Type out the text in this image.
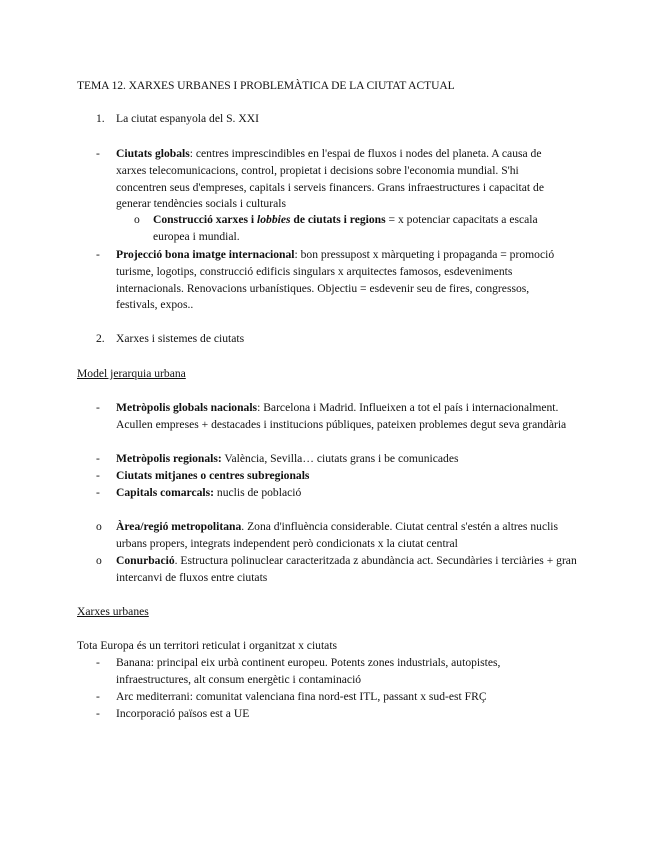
TEMA 12. XARXES URBANES I PROBLEMÀTICA DE LA CIUTAT ACTUAL
1. La ciutat espanyola del S. XXI
-	Ciutats globals: centres imprescindibles en l'espai de fluxos i nodes del planeta. A causa de xarxes telecomunicacions, control, propietat i decisions sobre l'economia mundial. S'hi concentren seus d'empreses, capitals i serveis financers. Grans infraestructures i capacitat de generar tendències socials i culturals
o	Construcció xarxes i lobbies de ciutats i regions = x potenciar capacitats a escala europea i mundial.
-	Projecció bona imatge internacional: bon pressupost x màrqueting i propaganda = promoció turisme, logotips, construcció edificis singulars x arquitectes famosos, esdeveniments internacionals. Renovacions urbanístiques. Objectiu = esdevenir seu de fires, congressos, festivals, expos..
2. Xarxes i sistemes de ciutats
Model jerarquia urbana
-	Metròpolis globals nacionals: Barcelona i Madrid. Influeixen a tot el país i internacionalment. Acullen empreses + destacades i institucions públiques, pateixen problemes degut seva grandària
-	Metròpolis regionals: València, Sevilla… ciutats grans i be comunicades
-	Ciutats mitjanes o centres subregionals
-	Capitals comarcals: nuclis de població
o	Àrea/regió metropolitana. Zona d'influència considerable. Ciutat central s'estén a altres nuclis urbans propers, integrats independent però condicionats x la ciutat central
o	Conurbació. Estructura polinuclear caracteritzada z abundància act. Secundàries i terciàries + gran intercanvi de fluxos entre ciutats
Xarxes urbanes
Tota Europa és un territori reticulat i organitzat x ciutats
-	Banana: principal eix urbà continent europeu. Potents zones industrials, autopistes, infraestructures, alt consum energètic i contaminació
-	Arc mediterrani: comunitat valenciana fina nord-est ITL, passant x sud-est FRÇ
-	Incorporació països est a UE
